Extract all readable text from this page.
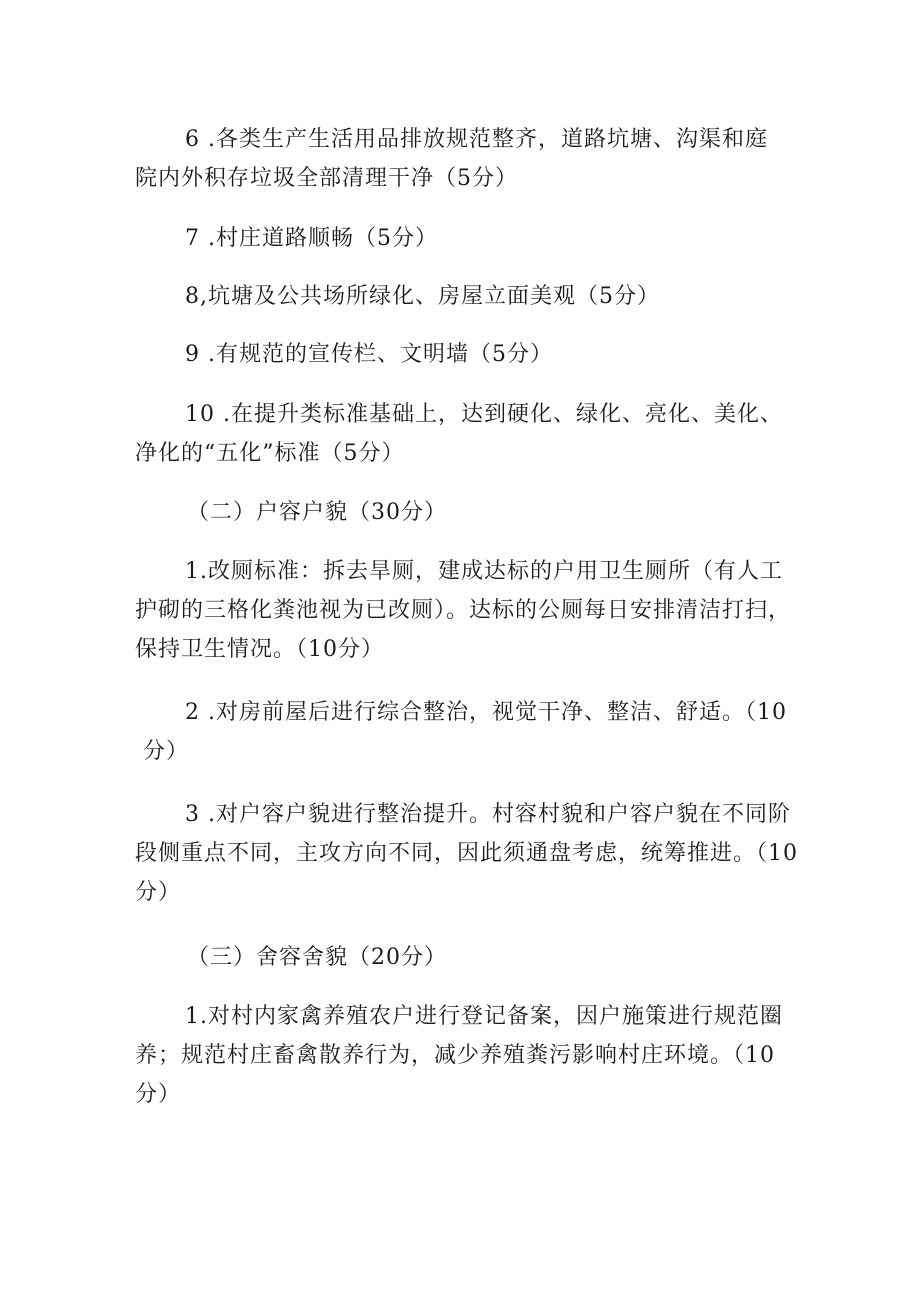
6 .各类生产生活用品排放规范整齐，道路坑塘、沟渠和庭
院内外积存垃圾全部清理干净（5分）

7 .村庄道路顺畅（5分）

8,坑塘及公共场所绿化、房屋立面美观（5分）

9 .有规范的宣传栏、文明墙（5分）

10 .在提升类标准基础上，达到硬化、绿化、亮化、美化、
净化的“五化”标准（5分）

（二）户容户貌（30分）

1.改厕标准：拆去旱厕，建成达标的户用卫生厕所（有人工
护砌的三格化粪池视为已改厕）。达标的公厕每日安排清洁打扫，
保持卫生情况。（10分）

2 .对房前屋后进行综合整治，视觉干净、整洁、舒适。（10
分）

3 .对户容户貌进行整治提升。村容村貌和户容户貌在不同阶
段侧重点不同，主攻方向不同，因此须通盘考虑，统筹推进。（10
分）

（三）舍容舍貌（20分）

1.对村内家禽养殖农户进行登记备案，因户施策进行规范圈
养；规范村庄畜禽散养行为，减少养殖粪污影响村庄环境。（10
分）
